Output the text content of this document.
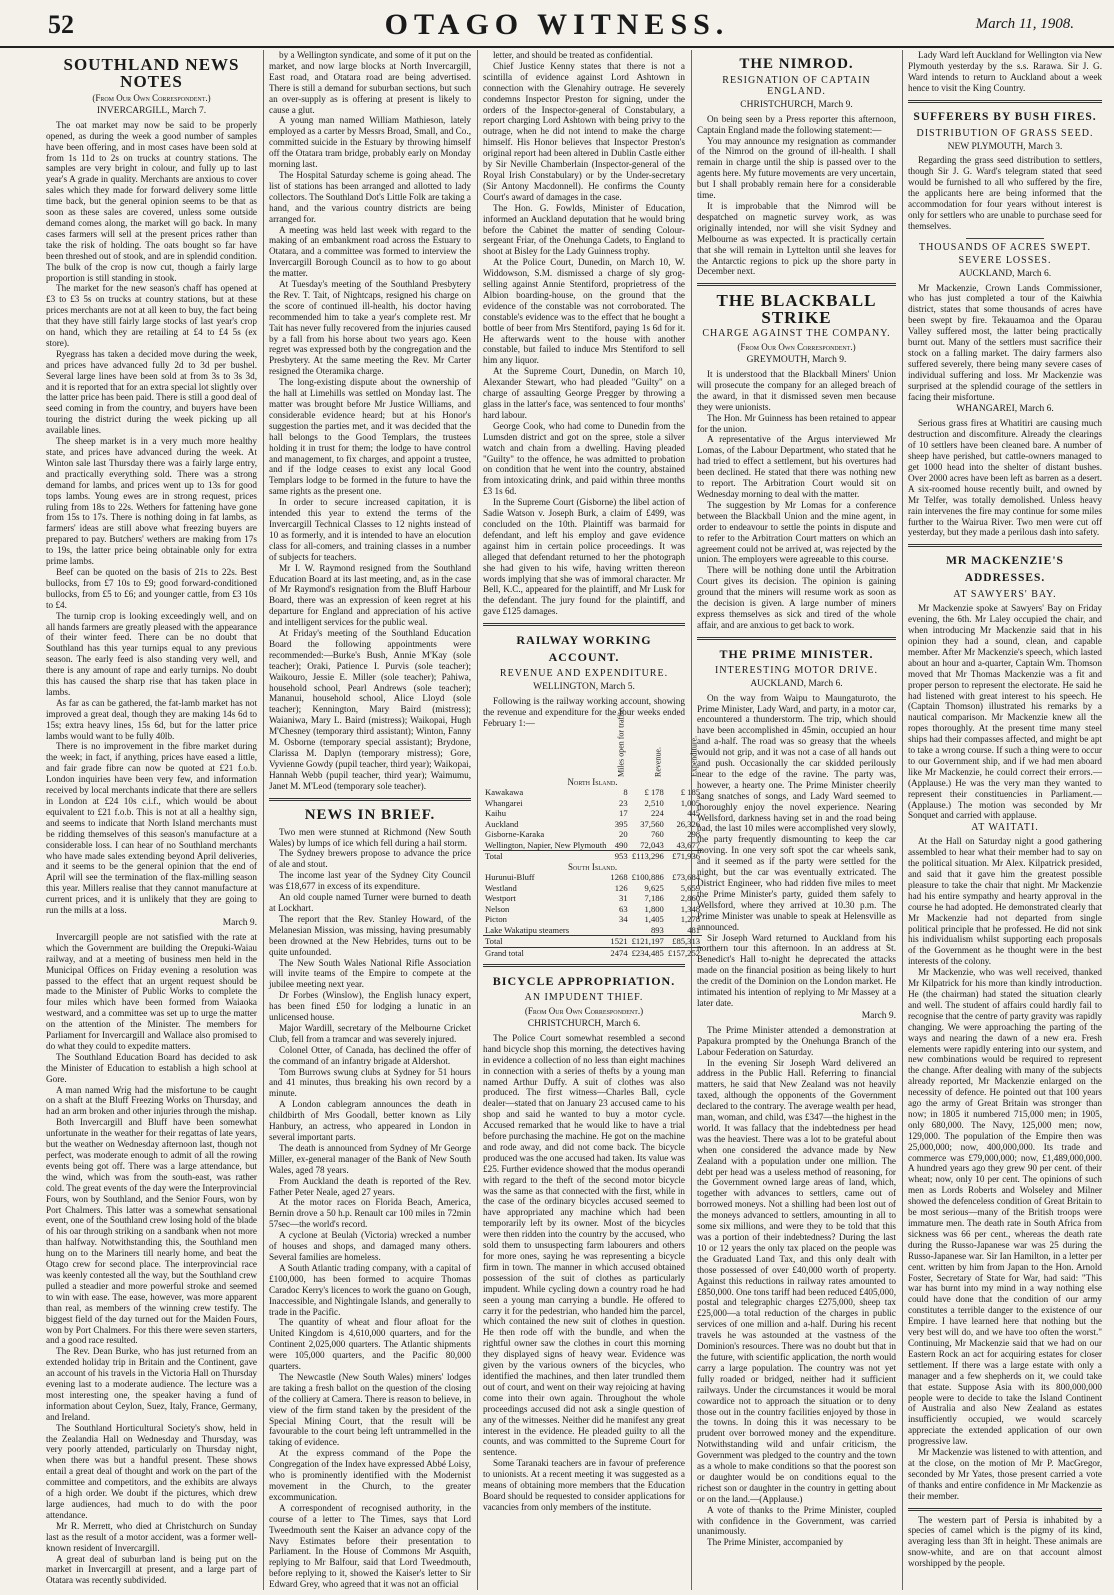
52	OTAGO WITNESS.	March 11, 1908.
SOUTHLAND NEWS NOTES
(From Our Own Correspondent.)
INVERCARGILL, March 7.

The oat market may now be said to be properly opened, as during the week a good number of samples have been offering, and in most cases have been sold at from 1s 11d to 2s on trucks at country stations. The samples are very bright in colour, and fully up to last year's A grade in quality. Merchants are anxious to cover sales which they made for forward delivery some little time back, but the general opinion seems to be that as soon as these sales are covered, unless some outside demand comes along, the market will go back. In many cases farmers will sell at the present prices rather than take the risk of holding. The oats bought so far have been threshed out of stook, and are in splendid condition. The bulk of the crop is now cut, though a fairly large proportion is still standing in stook.

The market for the new season's chaff has opened at £3 to £3 5s on trucks at country stations, but at these prices merchants are not at all keen to buy, the fact being that they have still fairly large stocks of last year's crop on hand, which they are retailing at £4 to £4 5s (ex store).

Ryegrass has taken a decided move during the week, and prices have advanced fully 2d to 3d per bushel. Several large lines have been sold at from 3s to 3s 3d, and it is reported that for an extra special lot slightly over the latter price has been paid. There is still a good deal of seed coming in from the country, and buyers have been touring the district during the week picking up all available lines.

The sheep market is in a very much more healthy state, and prices have advanced during the week. At Winton sale last Thursday there was a fairly large entry, and practically everything sold. There was a strong demand for lambs, and prices went up to 13s for good tops lambs. Young ewes are in strong request, prices ruling from 18s to 22s. Wethers for fattening have gone from 15s to 17s. There is nothing doing in fat lambs, as farmers' ideas are still above what freezing buyers are prepared to pay. Butchers' wethers are making from 17s to 19s, the latter price being obtainable only for extra prime lambs.

Beef can be quoted on the basis of 21s to 22s. Best bullocks, from £7 10s to £9; good forward-conditioned bullocks, from £5 to £6; and younger cattle, from £3 10s to £4.

The turnip crop is looking exceedingly well, and on all hands farmers are greatly pleased with the appearance of their winter feed. There can be no doubt that Southland has this year turnips equal to any previous season. The early feed is also standing very well, and there is any amount of rape and early turnips. No doubt this has caused the sharp rise that has taken place in lambs.

As far as can be gathered, the fat-lamb market has not improved a great deal, though they are making 14s 6d to 15s; extra heavy lines, 15s 6d, but for the latter price lambs would want to be fully 40lb.

There is no improvement in the fibre market during the week; in fact, if anything, prices have eased a little, and fair grade fibre can now be quoted at £21 f.o.b. London inquiries have been very few, and information received by local merchants indicate that there are sellers in London at £24 10s c.i.f., which would be about equivalent to £21 f.o.b. This is not at all a healthy sign, and seems to indicate that North Island merchants must be ridding themselves of this season's manufacture at a considerable loss. I can hear of no Southland merchants who have made sales extending beyond April deliveries, and it seems to be the general opinion that the end of April will see the termination of the flax-milling season this year. Millers realise that they cannot manufacture at current prices, and it is unlikely that they are going to run the mills at a loss.

March 9.

Invercargill people are not satisfied with the rate at which the Government are building the Orepuki-Waiau railway, and at a meeting of business men held in the Municipal Offices on Friday evening a resolution was passed to the effect that an urgent request should be made to the Minister of Public Works to complete the four miles which have been formed from Waiaoka westward, and a committee was set up to urge the matter on the attention of the Minister. The members for Parliament for Invercargill and Wallace also promised to do what they could to expedite matters.

The Southland Education Board has decided to ask the Minister of Education to establish a high school at Gore.

A man named Wrig had the misfortune to be caught on a shaft at the Bluff Freezing Works on Thursday, and had an arm broken and other injuries through the mishap.

Both Invercargill and Bluff have been somewhat unfortunate in the weather for their regattas of late years, but the weather on Wednesday afternoon last, though not perfect, was moderate enough to admit of all the rowing events being got off. There was a large attendance, but the wind, which was from the south-east, was rather cold. The great events of the day were the Interprovincial Fours, won by Southland, and the Senior Fours, won by Port Chalmers. This latter was a somewhat sensational event, one of the Southland crew losing hold of the blade of his oar through striking on a sandbank when not more than halfway. Notwithstanding this, the Southland men hung on to the Mariners till nearly home, and beat the Otago crew for second place. The interprovincial race was keenly contested all the way, but the Southland crew pulled a steadier and more powerful stroke and seemed to win with ease. The ease, however, was more apparent than real, as members of the winning crew testify. The biggest field of the day turned out for the Maiden Fours, won by Port Chalmers. For this there were seven starters, and a good race resulted.

The Rev. Dean Burke, who has just returned from an extended holiday trip in Britain and the Continent, gave an account of his travels in the Victoria Hall on Thursday evening last to a moderate audience. The lecture was a most interesting one, the speaker having a fund of information about Ceylon, Suez, Italy, France, Germany, and Ireland.

The Southland Horticultural Society's show, held in the Zealandia Hall on Wednesday and Thursday, was very poorly attended, particularly on Thursday night, when there was but a handful present. These shows entail a great deal of thought and work on the part of the committee and competitors, and the exhibits are always of a high order. We doubt if the pictures, which drew large audiences, had much to do with the poor attendance.

Mr R. Merrett, who died at Christchurch on Sunday last as the result of a motor accident, was a former well-known resident of Invercargill.

A great deal of suburban land is being put on the market in Invercargill at present, and a large part of Otatara was recently subdivided.

by a Wellington syndicate, and some of it put on the market, and now large blocks at North Invercargill, East road, and Otatara road are being advertised. There is still a demand for suburban sections, but such an over-supply as is offering at present is likely to cause a glut.

A young man named William Mathieson, lately employed as a carter by Messrs Broad, Small, and Co., committed suicide in the Estuary by throwing himself off the Otatara tram bridge, probably early on Monday morning last.

The Hospital Saturday scheme is going ahead. The list of stations has been arranged and allotted to lady collectors. The Southland Dot's Little Folk are taking a hand, and the various country districts are being arranged for.

A meeting was held last week with regard to the making of an embankment road across the Estuary to Otatara, and a committee was formed to interview the Invercargill Borough Council as to how to go about the matter.

At Tuesday's meeting of the Southland Presbytery the Rev. T. Tait, of Nightcaps, resigned his charge on the score of continued ill-health, his doctor having recommended him to take a year's complete rest. Mr Tait has never fully recovered from the injuries caused by a fall from his horse about two years ago. Keen regret was expressed both by the congregation and the Presbytery. At the same meeting the Rev. Mr Carter resigned the Oteramika charge.

The long-existing dispute about the ownership of the hall at Limehills was settled on Monday last. The matter was brought before Mr Justice Williams, and considerable evidence heard; but at his Honor's suggestion the parties met, and it was decided that the hall belongs to the Good Templars, the trustees holding it in trust for them; the lodge to have control and management, to fix charges, and appoint a trustee, and if the lodge ceases to exist any local Good Templars lodge to be formed in the future to have the same rights as the present one.

In order to secure increased capitation, it is intended this year to extend the terms of the Invercargill Technical Classes to 12 nights instead of 10 as formerly, and it is intended to have an elocution class for all-comers, and training classes in a number of subjects for teachers.

Mr I. W. Raymond resigned from the Southland Education Board at its last meeting, and, as in the case of Mr Raymond's resignation from the Bluff Harbour Board, there was an expression of keen regret at his departure for England and appreciation of his active and intelligent services for the public weal.

At Friday's meeting of the Southland Education Board the following appointments were recommended:—Burke's Bush, Annie M'Kay (sole teacher); Oraki, Patience I. Purvis (sole teacher); Waikouro, Jessie E. Miller (sole teacher); Pahiwa, household school, Pearl Andrews (sole teacher); Mananui, household school, Alice Lloyd (sole teacher); Kennington, Mary Baird (mistress); Waianiwa, Mary L. Baird (mistress); Waikopai, Hugh M'Chesney (temporary third assistant); Winton, Fanny M. Osborne (temporary special assistant); Brydone, Clarissa M. Daplyn (temporary mistress); Gore, Vyvienne Gowdy (pupil teacher, third year); Waikopai, Hannah Webb (pupil teacher, third year); Waimumu, Janet M. M'Leod (temporary sole teacher).

NEWS IN BRIEF.

Two men were stunned at Richmond (New South Wales) by lumps of ice which fell during a hail storm.

The Sydney brewers propose to advance the price of ale and stout.

The income last year of the Sydney City Council was £18,677 in excess of its expenditure.

An old couple named Turner were burned to death at Lockhart.

The report that the Rev. Stanley Howard, of the Melanesian Mission, was missing, having presumably been drowned at the New Hebrides, turns out to be quite unfounded.

The New South Wales National Rifle Association will invite teams of the Empire to compete at the jubilee meeting next year.

Dr Forbes (Winslow), the English lunacy expert, has been fined £50 for lodging a lunatic in an unlicensed house.

Major Wardill, secretary of the Melbourne Cricket Club, fell from a tramcar and was severely injured.

Colonel Otter, of Canada, has declined the offer of the command of an infantry brigade at Aldershot.

Tom Burrows swung clubs at Sydney for 51 hours and 41 minutes, thus breaking his own record by a minute.

A London cablegram announces the death in childbirth of Mrs Goodall, better known as Lily Hanbury, an actress, who appeared in London in several important parts.

The death is announced from Sydney of Mr George Miller, ex-general manager of the Bank of New South Wales, aged 78 years.

From Auckland the death is reported of the Rev. Father Peter Neale, aged 27 years.

At the motor races on Florida Beach, America, Bernin drove a 50 h.p. Renault car 100 miles in 72min 57sec—the world's record.

A cyclone at Beulah (Victoria) wrecked a number of houses and shops, and damaged many others. Several families are homeless.

A South Atlantic trading company, with a capital of £100,000, has been formed to acquire Thomas Caradoc Kerry's licences to work the guano on Gough, Inaccessible, and Nightingale Islands, and generally to trade in the Pacific.

The quantity of wheat and flour afloat for the United Kingdom is 4,610,000 quarters, and for the Continent 2,025,000 quarters. The Atlantic shipments were 105,000 quarters, and the Pacific 80,000 quarters.

The Newcastle (New South Wales) miners' lodges are taking a fresh ballot on the question of the closing of the colliery at Camera. There is reason to believe, in view of the firm stand taken by the president of the Special Mining Court, that the result will be favourable to the court being left untrammelled in the taking of evidence.

At the express command of the Pope the Congregation of the Index have expressed Abbé Loisy, who is prominently identified with the Modernist movement in the Church, to the greater excommunication.

A correspondent of recognised authority, in the course of a letter to The Times, says that Lord Tweedmouth sent the Kaiser an advance copy of the Navy Estimates before their presentation to Parliament. In the House of Commons Mr Asquith, replying to Mr Balfour, said that Lord Tweedmouth, before replying to it, showed the Kaiser's letter to Sir Edward Grey, who agreed that it was not an official

letter, and should be treated as confidential.

Chief Justice Kenny states that there is not a scintilla of evidence against Lord Ashtown in connection with the Glenahiry outrage. He severely condemns Inspector Preston for signing, under the orders of the Inspector-general of Constabulary, a report charging Lord Ashtown with being privy to the outrage, when he did not intend to make the charge himself. His Honor believes that Inspector Preston's original report had been altered in Dublin Castle either by Sir Neville Chamberlain (Inspector-general of the Royal Irish Constabulary) or by the Under-secretary (Sir Antony Macdonnell). He confirms the County Court's award of damages in the case.

The Hon. G. Fowlds, Minister of Education, informed an Auckland deputation that he would bring before the Cabinet the matter of sending Colour-sergeant Friar, of the Onehunga Cadets, to England to shoot at Bisley for the Lady Guinness trophy.

At the Police Court, Dunedin, on March 10, W. Widdowson, S.M. dismissed a charge of sly grog-selling against Annie Stentiford, proprietress of the Albion boarding-house, on the ground that the evidence of the constable was not corroborated. The constable's evidence was to the effect that he bought a bottle of beer from Mrs Stentiford, paying 1s 6d for it. He afterwards went to the house with another constable, but failed to induce Mrs Stentiford to sell him any liquor.

At the Supreme Court, Dunedin, on March 10, Alexander Stewart, who had pleaded "Guilty" on a charge of assaulting George Pregger by throwing a glass in the latter's face, was sentenced to four months' hard labour.

George Cook, who had come to Dunedin from the Lumsden district and got on the spree, stole a silver watch and chain from a dwelling. Having pleaded "Guilty" to the offence, he was admitted to probation on condition that he went into the country, abstained from intoxicating drink, and paid within three months £3 1s 6d.

In the Supreme Court (Gisborne) the libel action of Sadie Watson v. Joseph Burk, a claim of £499, was concluded on the 10th. Plaintiff was barmaid for defendant, and left his employ and gave evidence against him in certain police proceedings. It was alleged that defendant returned to her the photograph she had given to his wife, having written thereon words implying that she was of immoral character. Mr Bell, K.C., appeared for the plaintiff, and Mr Lusk for the defendant. The jury found for the plaintiff, and gave £125 damages.

RAILWAY WORKING ACCOUNT.
REVENUE AND EXPENDITURE.
WELLINGTON, March 5.

Following is the railway working account, showing the revenue and expenditure for the four weeks ended February 1:—

		Miles open for traffic.	Revenue.	Expenditure.
North Island.			
Kawakawa	8	£ 178	£ 185
Whangarei	23	2,510	1,005
Kaihu	17	224	445
Auckland	395	37,560	26,326
Gisborne-Karaka	20	760	298
Wellington, Napier, New Plymouth	490	72,043	43,677
Total	953	£113,296	£71,936
South Island.			
Hurunui-Bluff	1268	£100,886	£73,684
Westland	126	9,625	5,659
Westport	31	7,186	2,860
Nelson	63	1,800	1,348
Picton	34	1,405	1,278
Lake Wakatipu steamers		893	481
Total	1521	£121,197	£85,313
Grand total	2474	£234,485	£157,252
BICYCLE APPROPRIATION.
AN IMPUDENT THIEF.
(From Our Own Correspondent.)
CHRISTCHURCH, March 6.

The Police Court somewhat resembled a second hand bicycle shop this morning, the detectives having in evidence a collection of no less than eight machines in connection with a series of thefts by a young man named Arthur Duffy. A suit of clothes was also produced. The first witness—Charles Ball, cycle dealer—stated that on January 23 accused came to his shop and said he wanted to buy a motor cycle. Accused remarked that he would like to have a trial before purchasing the machine. He got on the machine and rode away, and did not come back. The bicycle produced was the one accused had taken. Its value was £25. Further evidence showed that the modus operandi with regard to the theft of the second motor bicycle was the same as that connected with the first, while in the case of the ordinary bicycles accused seemed to have appropriated any machine which had been temporarily left by its owner. Most of the bicycles were then ridden into the country by the accused, who sold them to unsuspecting farm labourers and others for more ones, saying he was representing a bicycle firm in town. The manner in which accused obtained possession of the suit of clothes as particularly impudent. While cycling down a country road he had seen a young man carrying a bundle. He offered to carry it for the pedestrian, who handed him the parcel, which contained the new suit of clothes in question. He then rode off with the bundle, and when the rightful owner saw the clothes in court this morning they displayed signs of heavy wear. Evidence was given by the various owners of the bicycles, who identified the machines, and then later trundled them out of court, and went on their way rejoicing at having come into their own again. Throughout the whole proceedings accused did not ask a single question of any of the witnesses. Neither did he manifest any great interest in the evidence. He pleaded guilty to all the counts, and was committed to the Supreme Court for sentence.

Some Taranaki teachers are in favour of preference to unionists. At a recent meeting it was suggested as a means of obtaining more members that the Education Board should be requested to consider applications for vacancies from only members of the institute.

THE NIMROD.
RESIGNATION OF CAPTAIN ENGLAND.
CHRISTCHURCH, March 9.

On being seen by a Press reporter this afternoon, Captain England made the following statement:—

You may announce my resignation as commander of the Nimrod on the ground of ill-health. I shall remain in charge until the ship is passed over to the agents here. My future movements are very uncertain, but I shall probably remain here for a considerable time.

It is improbable that the Nimrod will be despatched on magnetic survey work, as was originally intended, nor will she visit Sydney and Melbourne as was expected. It is practically certain that she will remain in Lyttelton until she leaves for the Antarctic regions to pick up the shore party in December next.

THE BLACKBALL STRIKE
CHARGE AGAINST THE COMPANY.
(From Our Own Correspondent.)
GREYMOUTH, March 9.

It is understood that the Blackball Miners' Union will prosecute the company for an alleged breach of the award, in that it dismissed seven men because they were unionists.

The Hon. Mr Guinness has been retained to appear for the union.

A representative of the Argus interviewed Mr Lomas, of the Labour Department, who stated that he had tried to effect a settlement, but his overtures had been declined. He stated that there was nothing new to report. The Arbitration Court would sit on Wednesday morning to deal with the matter.

The suggestion by Mr Lomas for a conference between the Blackball Union and the mine agent, in order to endeavour to settle the points in dispute and to refer to the Arbitration Court matters on which an agreement could not be arrived at, was rejected by the union. The employers were agreeable to this course.

There will be nothing done until the Arbitration Court gives its decision. The opinion is gaining ground that the miners will resume work as soon as the decision is given. A large number of miners express themselves as sick and tired of the whole affair, and are anxious to get back to work.

THE PRIME MINISTER.
INTERESTING MOTOR DRIVE.
AUCKLAND, March 6.

On the way from Waipu to Maungaturoto, the Prime Minister, Lady Ward, and party, in a motor car, encountered a thunderstorm. The trip, which should have been accomplished in 45min, occupied an hour and a-half. The road was so greasy that the wheels would not grip, and it was not a case of all hands out and push. Occasionally the car skidded perilously near to the edge of the ravine. The party was, however, a hearty one. The Prime Minister cheerily sang snatches of songs, and Lady Ward seemed to thoroughly enjoy the novel experience. Nearing Wellsford, darkness having set in and the road being bad, the last 10 miles were accomplished very slowly, the party frequently dismounting to keep the car moving. In one very soft spot the car wheels sank, and it seemed as if the party were settled for the night, but the car was eventually extricated. The District Engineer, who had ridden five miles to meet the Prime Minister's party, guided them safely to Wellsford, where they arrived at 10.30 p.m. The Prime Minister was unable to speak at Helensville as announced.

Sir Joseph Ward returned to Auckland from his northern tour this afternoon. In an address at St. Benedict's Hall to-night he deprecated the attacks made on the financial position as being likely to hurt the credit of the Dominion on the London market. He intimated his intention of replying to Mr Massey at a later date.

March 9.

The Prime Minister attended a demonstration at Papakura prompted by the Onehunga Branch of the Labour Federation on Saturday.

In the evening Sir Joseph Ward delivered an address in the Public Hall. Referring to financial matters, he said that New Zealand was not heavily taxed, although the opponents of the Government declared to the contrary. The average wealth per head, man, woman, and child, was £347—the highest in the world. It was fallacy that the indebtedness per head was the heaviest. There was a lot to be grateful about when one considered the advance made by New Zealand with a population under one million. The debt per head was a useless method of reasoning, for the Government owned large areas of land, which, together with advances to settlers, came out of borrowed moneys. Not a shilling had been lost out of the moneys advanced to settlers, amounting in all to some six millions, and were they to be told that this was a portion of their indebtedness? During the last 10 or 12 years the only tax placed on the people was the Graduated Land Tax, and this only dealt with those possessed of over £40,000 worth of property. Against this reductions in railway rates amounted to £850,000. One tons tariff had been reduced £405,000, postal and telegraphic charges £275,000, sheep tax £25,000—a total reduction of the charges in public services of one million and a-half. During his recent travels he was astounded at the vastness of the Dominion's resources. There was no doubt but that in the future, with scientific application, the north would carry a large population. The country was not yet fully roaded or bridged, neither had it sufficient railways. Under the circumstances it would be moral cowardice not to approach the situation or to deny those out in the country facilities enjoyed by those in the towns. In doing this it was necessary to be prudent over borrowed money and the expenditure. Notwithstanding wild and unfair criticism, the Government was pledged to the country and the town as a whole to make conditions so that the poorest son or daughter would be on conditions equal to the richest son or daughter in the country in getting about or on the land.—(Applause.)

A vote of thanks to the Prime Minister, coupled with confidence in the Government, was carried unanimously.

The Prime Minister, accompanied by

Lady Ward left Auckland for Wellington via New Plymouth yesterday by the s.s. Rarawa. Sir J. G. Ward intends to return to Auckland about a week hence to visit the King Country.

SUFFERERS BY BUSH FIRES.
DISTRIBUTION OF GRASS SEED.
NEW PLYMOUTH, March 3.

Regarding the grass seed distribution to settlers, though Sir J. G. Ward's telegram stated that seed would be furnished to all who suffered by the fire, the applicants here are being informed that the accommodation for four years without interest is only for settlers who are unable to purchase seed for themselves.

THOUSANDS OF ACRES SWEPT.
SEVERE LOSSES.
AUCKLAND, March 6.

Mr Mackenzie, Crown Lands Commissioner, who has just completed a tour of the Kaiwhia district, states that some thousands of acres have been swept by fire. Tekauamoa and the Oparau Valley suffered most, the latter being practically burnt out. Many of the settlers must sacrifice their stock on a falling market. The dairy farmers also suffered severely, there being many severe cases of individual suffering and loss. Mr Mackenzie was surprised at the splendid courage of the settlers in facing their misfortune.

WHANGAREI, March 6.

Serious grass fires at Whatitiri are causing much destruction and discomfiture. Already the clearings of 10 settlers have been cleaned bare. A number of sheep have perished, but cattle-owners managed to get 1000 head into the shelter of distant bushes. Over 2000 acres have been left as barren as a desert. A six-roomed house recently built, and owned by Mr Telfer, was totally demolished. Unless heavy rain intervenes the fire may continue for some miles further to the Wairua River. Two men were cut off yesterday, but they made a perilous dash into safety.

MR MACKENZIE'S ADDRESSES.
AT SAWYERS' BAY.

Mr Mackenzie spoke at Sawyers' Bay on Friday evening, the 6th. Mr Laley occupied the chair, and when introducing Mr Mackenzie said that in his opinion they had a sound, clean, and capable member. After Mr Mackenzie's speech, which lasted about an hour and a-quarter, Captain Wm. Thomson moved that Mr Thomas Mackenzie was a fit and proper person to represent the electorate. He said he had listened with great interest to his speech. He (Captain Thomson) illustrated his remarks by a nautical comparison. Mr Mackenzie knew all the ropes thoroughly. At the present time many steel ships had their compasses affected, and might be apt to take a wrong course. If such a thing were to occur to our Government ship, and if we had men aboard like Mr Mackenzie, he could correct their errors.—(Applause.) He was the very man they wanted to represent their constituencies in Parliament.—(Applause.) The motion was seconded by Mr Sonquet and carried with applause.

AT WAITATI.

At the Hall on Saturday night a good gathering assembled to hear what their member had to say on the political situation. Mr Alex. Kilpatrick presided, and said that it gave him the greatest possible pleasure to take the chair that night. Mr Mackenzie had his entire sympathy and hearty approval in the course he had adopted. He demonstrated clearly that Mr Mackenzie had not departed from single political principle that he professed. He did not sink his individualism whilst supporting each proposals of the Government as he thought were in the best interests of the colony.

Mr Mackenzie, who was well received, thanked Mr Kilpatrick for his more than kindly introduction. He (the chairman) had stated the situation clearly and well. The student of affairs could hardly fail to recognise that the centre of party gravity was rapidly changing. We were approaching the parting of the ways and nearing the dawn of a new era. Fresh elements were rapidly entering into our system, and new combinations would be required to represent the change. After dealing with many of the subjects already reported, Mr Mackenzie enlarged on the necessity of defence. He pointed out that 100 years ago the army of Great Britain was stronger than now; in 1805 it numbered 715,000 men; in 1905, only 680,000. The Navy, 125,000 men; now, 129,000. The population of the Empire then was 25,000,000; now, 400,000,000. Its trade and commerce was £79,000,000; now, £1,489,000,000. A hundred years ago they grew 90 per cent. of their wheat; now, only 10 per cent. The opinions of such men as Lords Roberts and Wolseley and Milner showed the defenceless condition of Great Britain to be most serious—many of the British troops were immature men. The death rate in South Africa from sickness was 66 per cent., whereas the death rate during the Russo-Japanese war was 25 during the Russo-Japanese war. Sir Ian Hamilton, in a letter per cent. written by him from Japan to the Hon. Arnold Foster, Secretary of State for War, had said: "This war has burnt into my mind in a way nothing else could have done that the condition of our army constitutes a terrible danger to the existence of our Empire. I have learned here that nothing but the very best will do, and we have too often the worst." Continuing, Mr Mackenzie said that we had on our Eastern Rock an act for acquiring estates for closer settlement. If there was a large estate with only a manager and a few shepherds on it, we could take that estate. Suppose Asia with its 800,000,000 people were to decide to take the Island Continent of Australia and also New Zealand as estates insufficiently occupied, we would scarcely appreciate the extended application of our own progressive law.

Mr Mackenzie was listened to with attention, and at the close, on the motion of Mr P. MacGregor, seconded by Mr Yates, those present carried a vote of thanks and entire confidence in Mr Mackenzie as their member.

The western part of Persia is inhabited by a species of camel which is the pigmy of its kind, averaging less than 3ft in height. These animals are snow-white, and are on that account almost worshipped by the people.
